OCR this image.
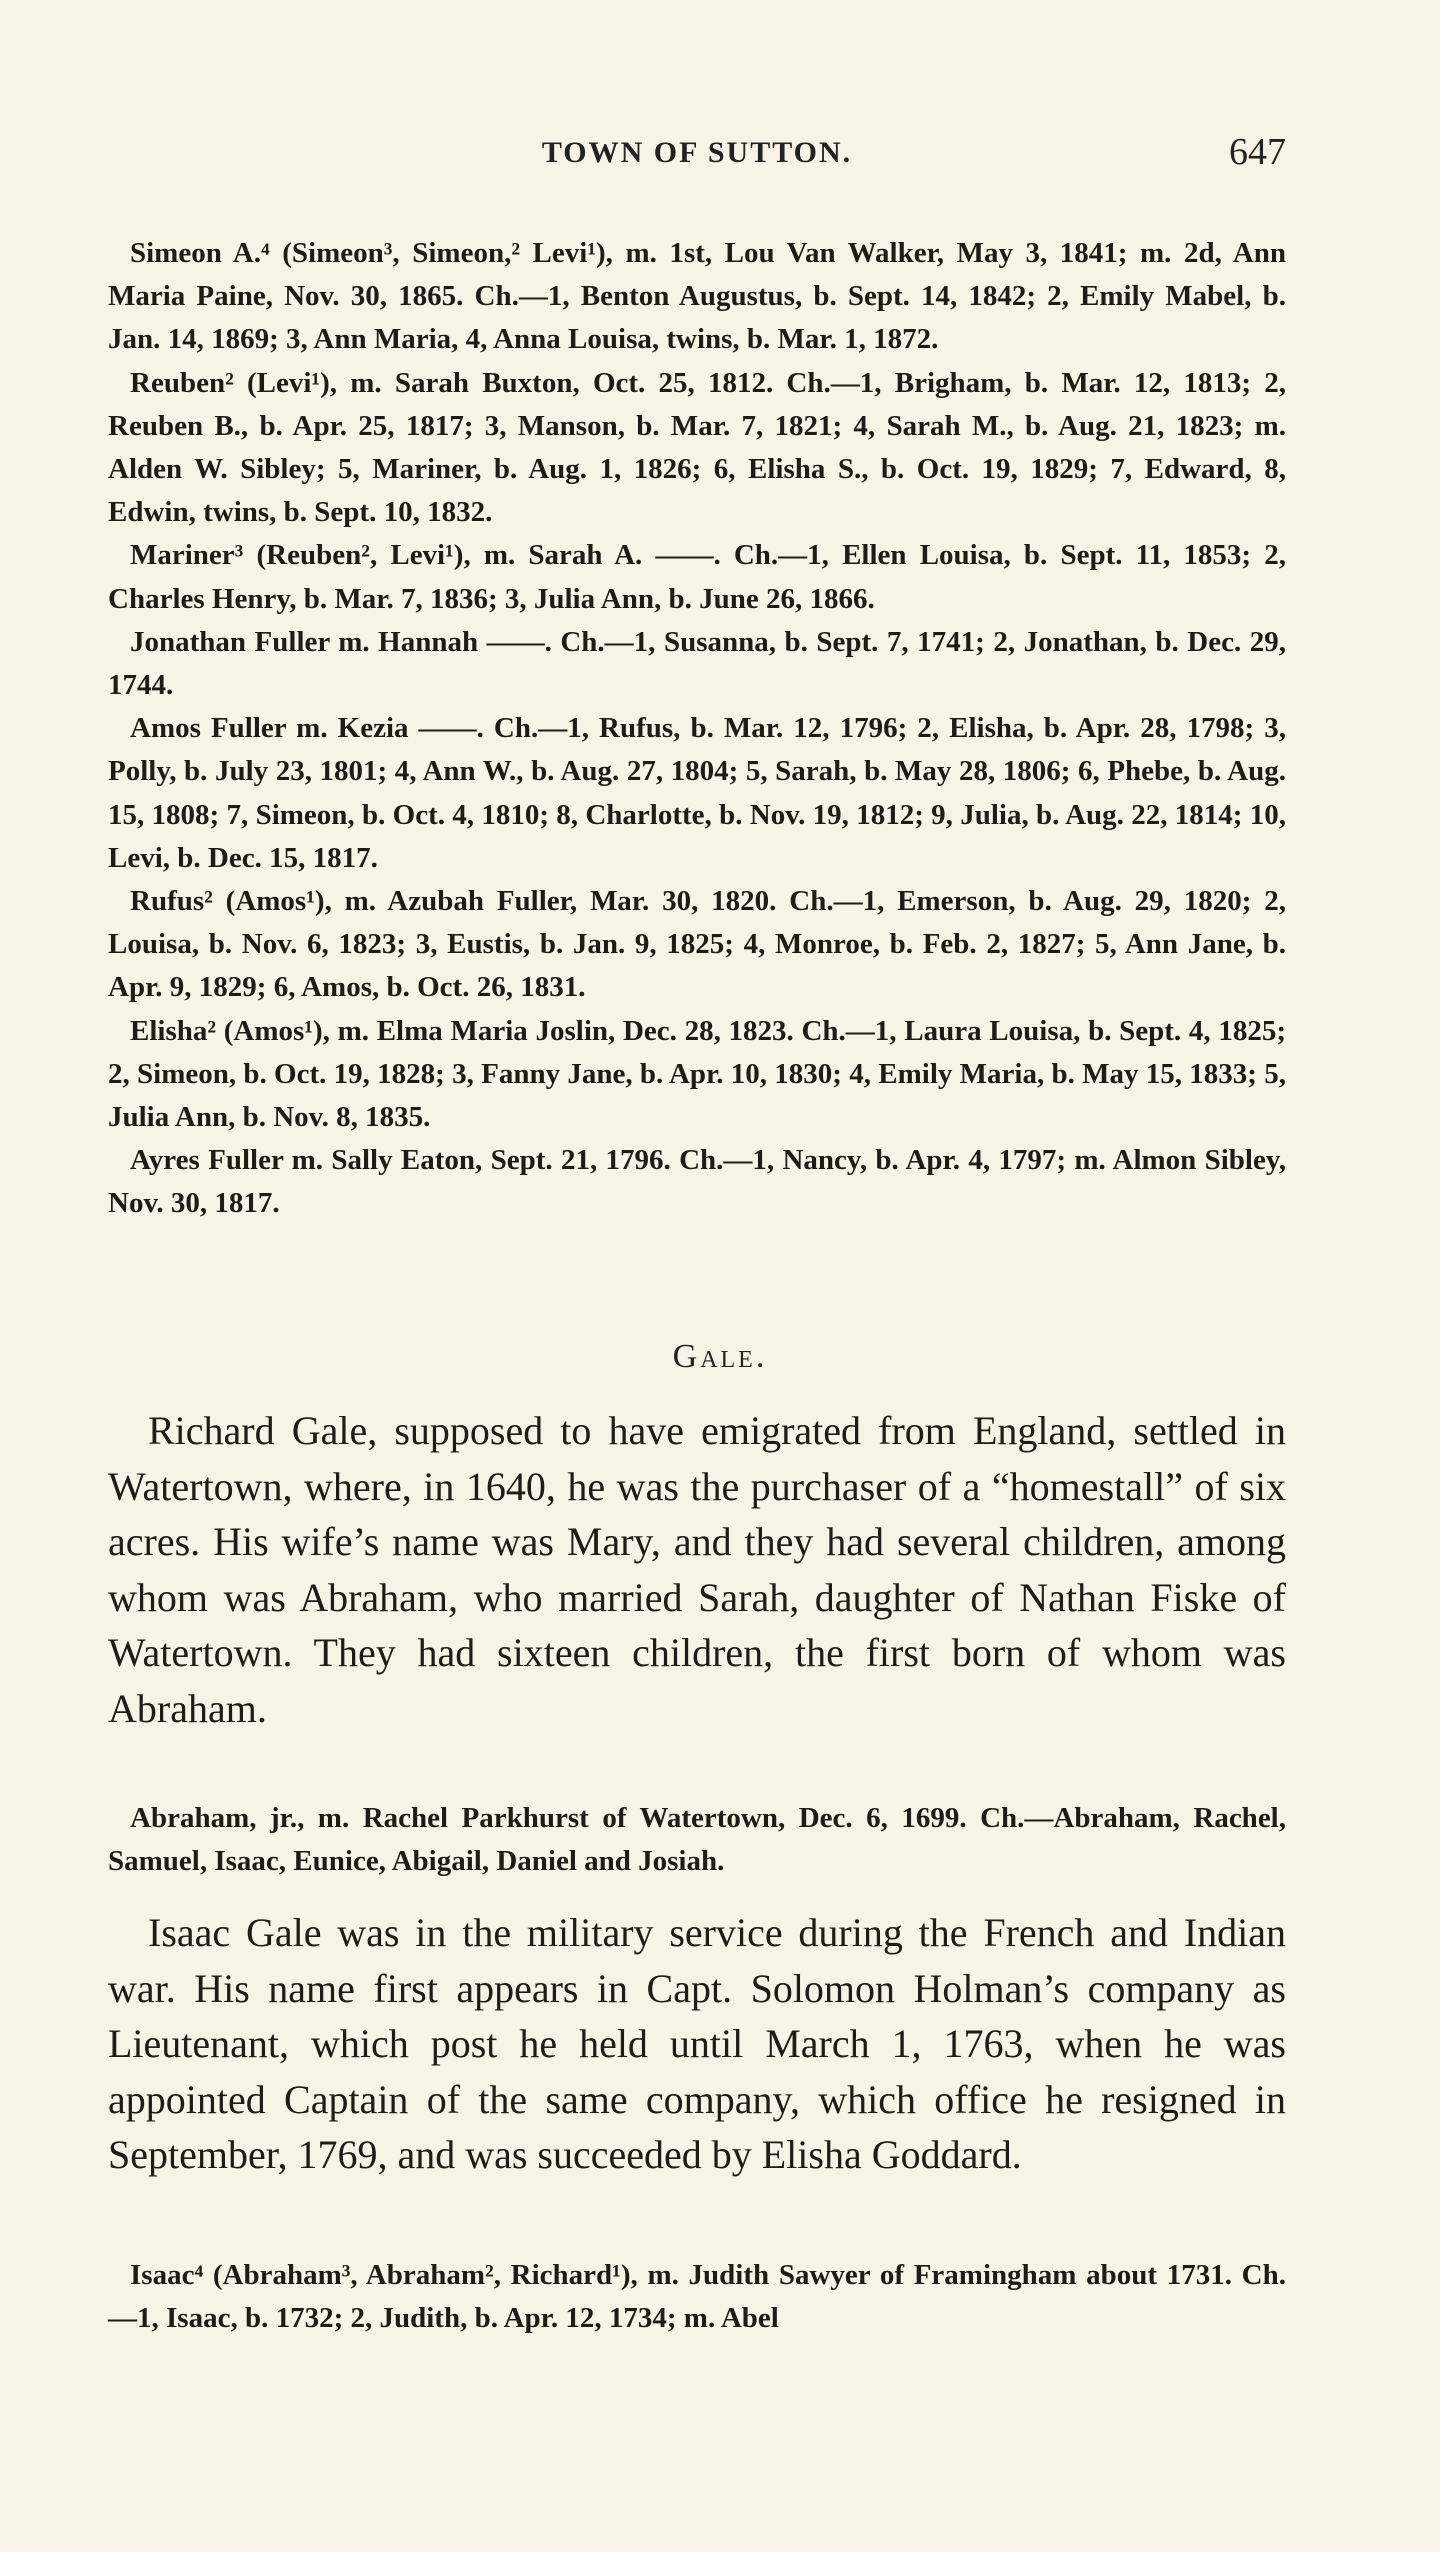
TOWN OF SUTTON.	647

Simeon A.⁴ (Simeon³, Simeon,² Levi¹), m. 1st, Lou Van Walker, May 3, 1841; m. 2d, Ann Maria Paine, Nov. 30, 1865. Ch.—1, Benton Augustus, b. Sept. 14, 1842; 2, Emily Mabel, b. Jan. 14, 1869; 3, Ann Maria, 4, Anna Louisa, twins, b. Mar. 1, 1872.

Reuben² (Levi¹), m. Sarah Buxton, Oct. 25, 1812. Ch.—1, Brigham, b. Mar. 12, 1813; 2, Reuben B., b. Apr. 25, 1817; 3, Manson, b. Mar. 7, 1821; 4, Sarah M., b. Aug. 21, 1823; m. Alden W. Sibley; 5, Mariner, b. Aug. 1, 1826; 6, Elisha S., b. Oct. 19, 1829; 7, Edward, 8, Edwin, twins, b. Sept. 10, 1832.

Mariner³ (Reuben², Levi¹), m. Sarah A. ——. Ch.—1, Ellen Louisa, b. Sept. 11, 1853; 2, Charles Henry, b. Mar. 7, 1836; 3, Julia Ann, b. June 26, 1866.

Jonathan Fuller m. Hannah ——. Ch.—1, Susanna, b. Sept. 7, 1741; 2, Jonathan, b. Dec. 29, 1744.

Amos Fuller m. Kezia ——. Ch.—1, Rufus, b. Mar. 12, 1796; 2, Elisha, b. Apr. 28, 1798; 3, Polly, b. July 23, 1801; 4, Ann W., b. Aug. 27, 1804; 5, Sarah, b. May 28, 1806; 6, Phebe, b. Aug. 15, 1808; 7, Simeon, b. Oct. 4, 1810; 8, Charlotte, b. Nov. 19, 1812; 9, Julia, b. Aug. 22, 1814; 10, Levi, b. Dec. 15, 1817.

Rufus² (Amos¹), m. Azubah Fuller, Mar. 30, 1820. Ch.—1, Emerson, b. Aug. 29, 1820; 2, Louisa, b. Nov. 6, 1823; 3, Eustis, b. Jan. 9, 1825; 4, Monroe, b. Feb. 2, 1827; 5, Ann Jane, b. Apr. 9, 1829; 6, Amos, b. Oct. 26, 1831.

Elisha² (Amos¹), m. Elma Maria Joslin, Dec. 28, 1823. Ch.—1, Laura Louisa, b. Sept. 4, 1825; 2, Simeon, b. Oct. 19, 1828; 3, Fanny Jane, b. Apr. 10, 1830; 4, Emily Maria, b. May 15, 1833; 5, Julia Ann, b. Nov. 8, 1835.

Ayres Fuller m. Sally Eaton, Sept. 21, 1796. Ch.—1, Nancy, b. Apr. 4, 1797; m. Almon Sibley, Nov. 30, 1817.

Gale.

Richard Gale, supposed to have emigrated from England, settled in Watertown, where, in 1640, he was the purchaser of a “homestall” of six acres. His wife’s name was Mary, and they had several children, among whom was Abraham, who married Sarah, daughter of Nathan Fiske of Watertown. They had sixteen children, the first born of whom was Abraham.

Abraham, jr., m. Rachel Parkhurst of Watertown, Dec. 6, 1699. Ch.—Abraham, Rachel, Samuel, Isaac, Eunice, Abigail, Daniel and Josiah.

Isaac Gale was in the military service during the French and Indian war. His name first appears in Capt. Solomon Holman’s company as Lieutenant, which post he held until March 1, 1763, when he was appointed Captain of the same company, which office he resigned in September, 1769, and was succeeded by Elisha Goddard.

Isaac⁴ (Abraham³, Abraham², Richard¹), m. Judith Sawyer of Framingham about 1731. Ch.—1, Isaac, b. 1732; 2, Judith, b. Apr. 12, 1734; m. Abel
